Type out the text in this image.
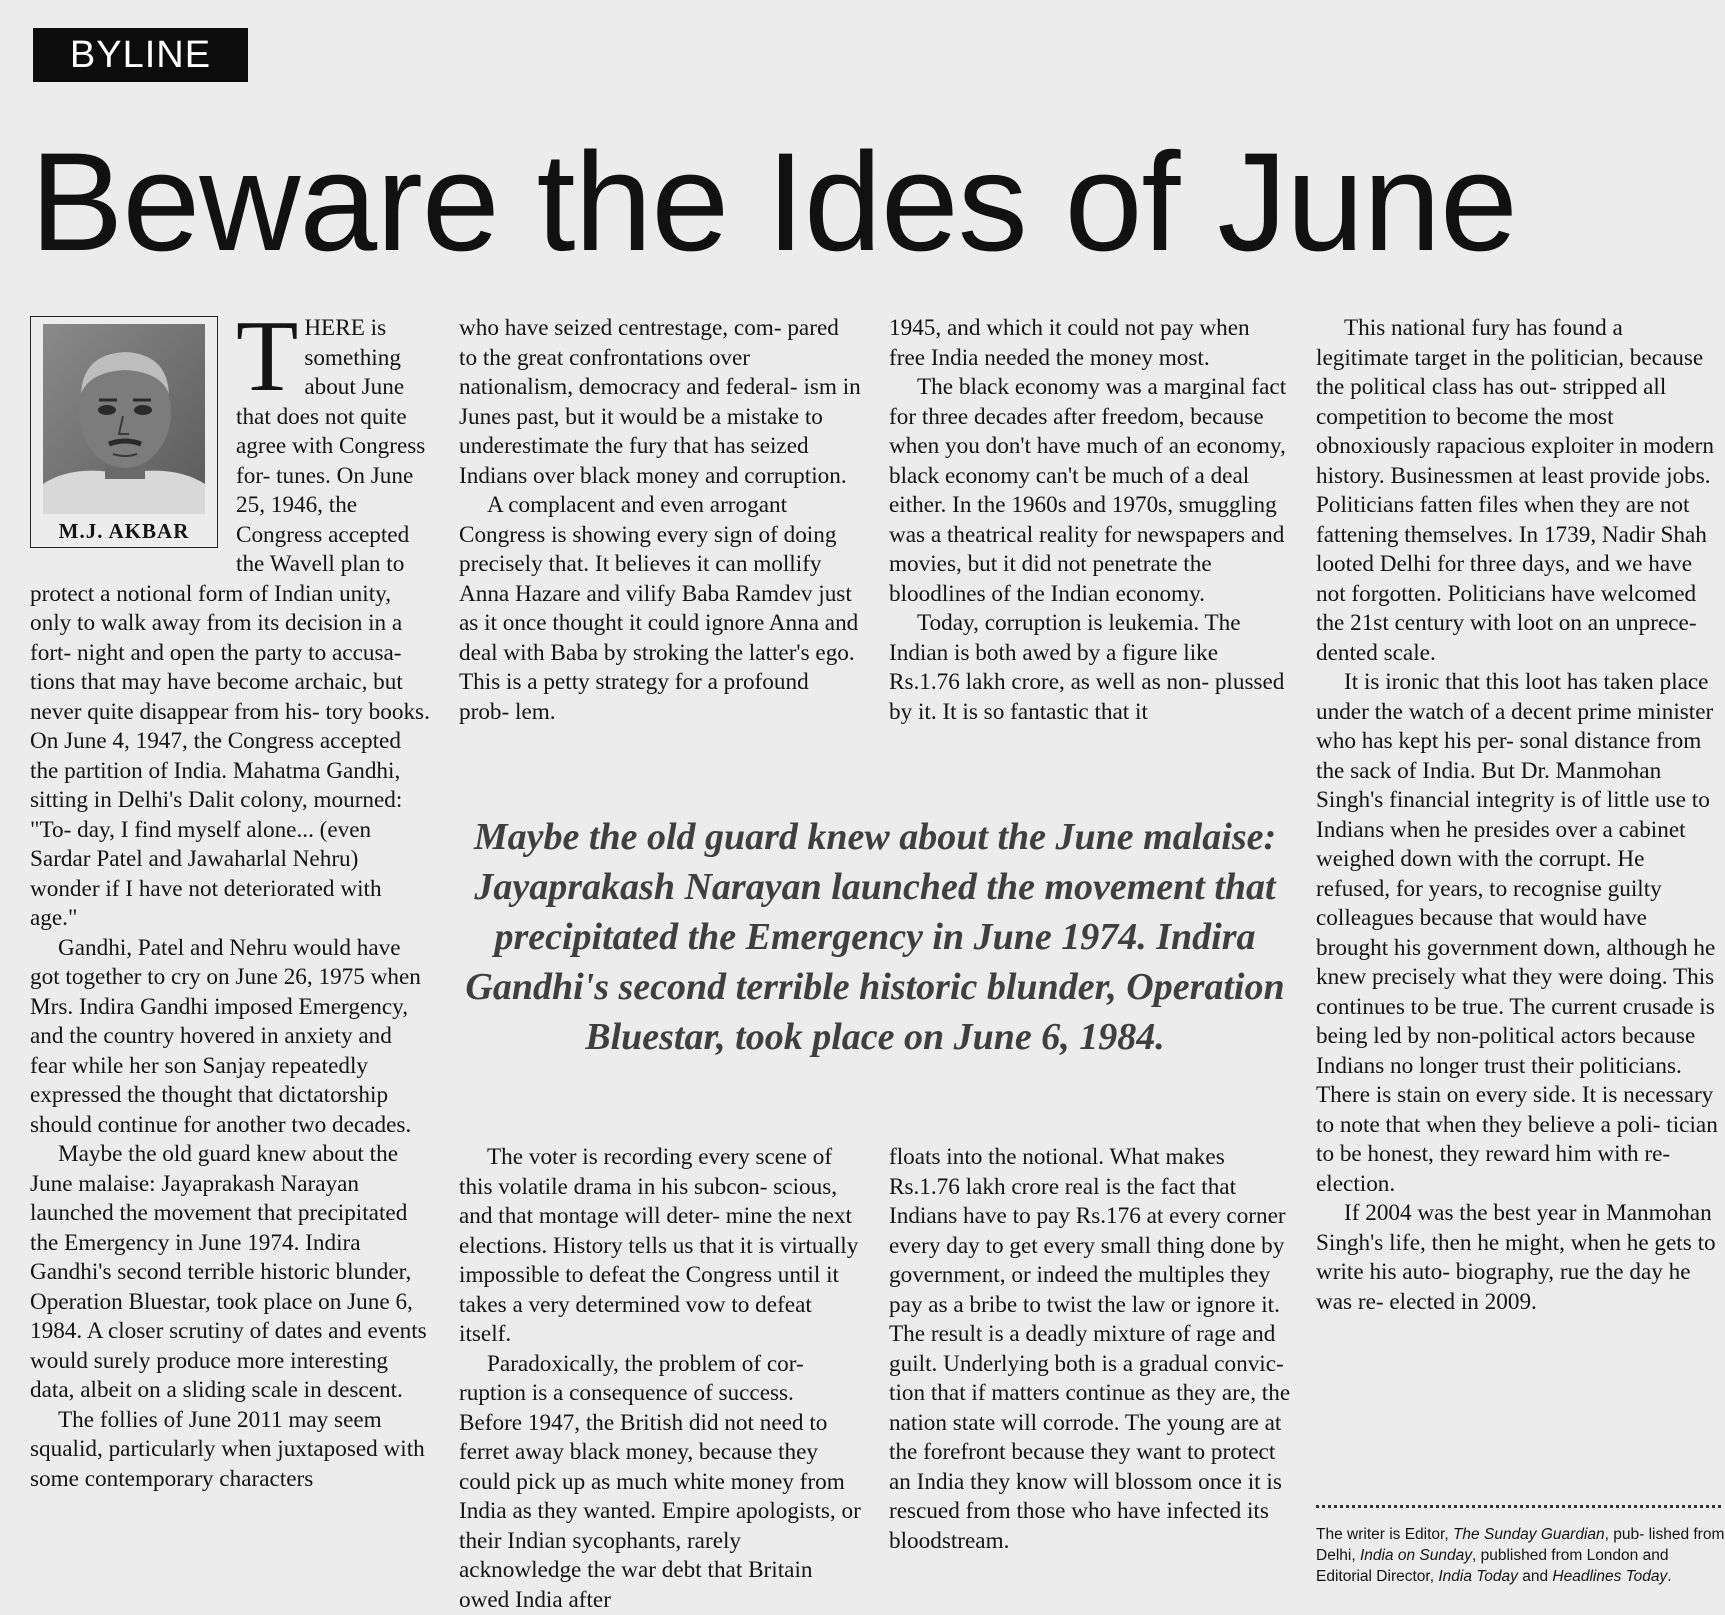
BYLINE
Beware the Ides of June
M.J. AKBAR

THERE is something about June that does not quite agree with Congress for- tunes. On June 25, 1946, the Congress accepted the Wavell plan to protect a notional form of Indian unity, only to walk away from its decision in a fort- night and open the party to accusa- tions that may have become archaic, but never quite disappear from his- tory books. On June 4, 1947, the Congress accepted the partition of India. Mahatma Gandhi, sitting in Delhi's Dalit colony, mourned: "To- day, I find myself alone... (even Sardar Patel and Jawaharlal Nehru) wonder if I have not deteriorated with age."

Gandhi, Patel and Nehru would have got together to cry on June 26, 1975 when Mrs. Indira Gandhi imposed Emergency, and the country hovered in anxiety and fear while her son Sanjay repeatedly expressed the thought that dictatorship should continue for another two decades.

Maybe the old guard knew about the June malaise: Jayaprakash Narayan launched the movement that precipitated the Emergency in June 1974. Indira Gandhi's second terrible historic blunder, Operation Bluestar, took place on June 6, 1984. A closer scrutiny of dates and events would surely produce more interesting data, albeit on a sliding scale in descent.

The follies of June 2011 may seem squalid, particularly when juxtaposed with some contemporary characters

who have seized centrestage, com- pared to the great confrontations over nationalism, democracy and federal- ism in Junes past, but it would be a mistake to underestimate the fury that has seized Indians over black money and corruption.

A complacent and even arrogant Congress is showing every sign of doing precisely that. It believes it can mollify Anna Hazare and vilify Baba Ramdev just as it once thought it could ignore Anna and deal with Baba by stroking the latter's ego. This is a petty strategy for a profound prob- lem.

1945, and which it could not pay when free India needed the money most.

The black economy was a marginal fact for three decades after freedom, because when you don't have much of an economy, black economy can't be much of a deal either. In the 1960s and 1970s, smuggling was a theatrical reality for newspapers and movies, but it did not penetrate the bloodlines of the Indian economy.

Today, corruption is leukemia. The Indian is both awed by a figure like Rs.1.76 lakh crore, as well as non- plussed by it. It is so fantastic that it

Maybe the old guard knew about the June malaise: Jayaprakash Narayan launched the movement that precipitated the Emergency in June 1974. Indira Gandhi's second terrible historic blunder, Operation Bluestar, took place on June 6, 1984.

The voter is recording every scene of this volatile drama in his subcon- scious, and that montage will deter- mine the next elections. History tells us that it is virtually impossible to defeat the Congress until it takes a very determined vow to defeat itself.

Paradoxically, the problem of cor- ruption is a consequence of success. Before 1947, the British did not need to ferret away black money, because they could pick up as much white money from India as they wanted. Empire apologists, or their Indian sycophants, rarely acknowledge the war debt that Britain owed India after

floats into the notional. What makes Rs.1.76 lakh crore real is the fact that Indians have to pay Rs.176 at every corner every day to get every small thing done by government, or indeed the multiples they pay as a bribe to twist the law or ignore it. The result is a deadly mixture of rage and guilt. Underlying both is a gradual convic- tion that if matters continue as they are, the nation state will corrode. The young are at the forefront because they want to protect an India they know will blossom once it is rescued from those who have infected its bloodstream.

This national fury has found a legitimate target in the politician, because the political class has out- stripped all competition to become the most obnoxiously rapacious exploiter in modern history. Businessmen at least provide jobs. Politicians fatten files when they are not fattening themselves. In 1739, Nadir Shah looted Delhi for three days, and we have not forgotten. Politicians have welcomed the 21st century with loot on an unprece- dented scale.

It is ironic that this loot has taken place under the watch of a decent prime minister who has kept his per- sonal distance from the sack of India. But Dr. Manmohan Singh's financial integrity is of little use to Indians when he presides over a cabinet weighed down with the corrupt. He refused, for years, to recognise guilty colleagues because that would have brought his government down, although he knew precisely what they were doing. This continues to be true. The current crusade is being led by non-political actors because Indians no longer trust their politicians. There is stain on every side. It is necessary to note that when they believe a poli- tician to be honest, they reward him with re-election.

If 2004 was the best year in Manmohan Singh's life, then he might, when he gets to write his auto- biography, rue the day he was re- elected in 2009.

The writer is Editor, The Sunday Guardian, pub- lished from Delhi, India on Sunday, published from London and Editorial Director, India Today and Headlines Today.
